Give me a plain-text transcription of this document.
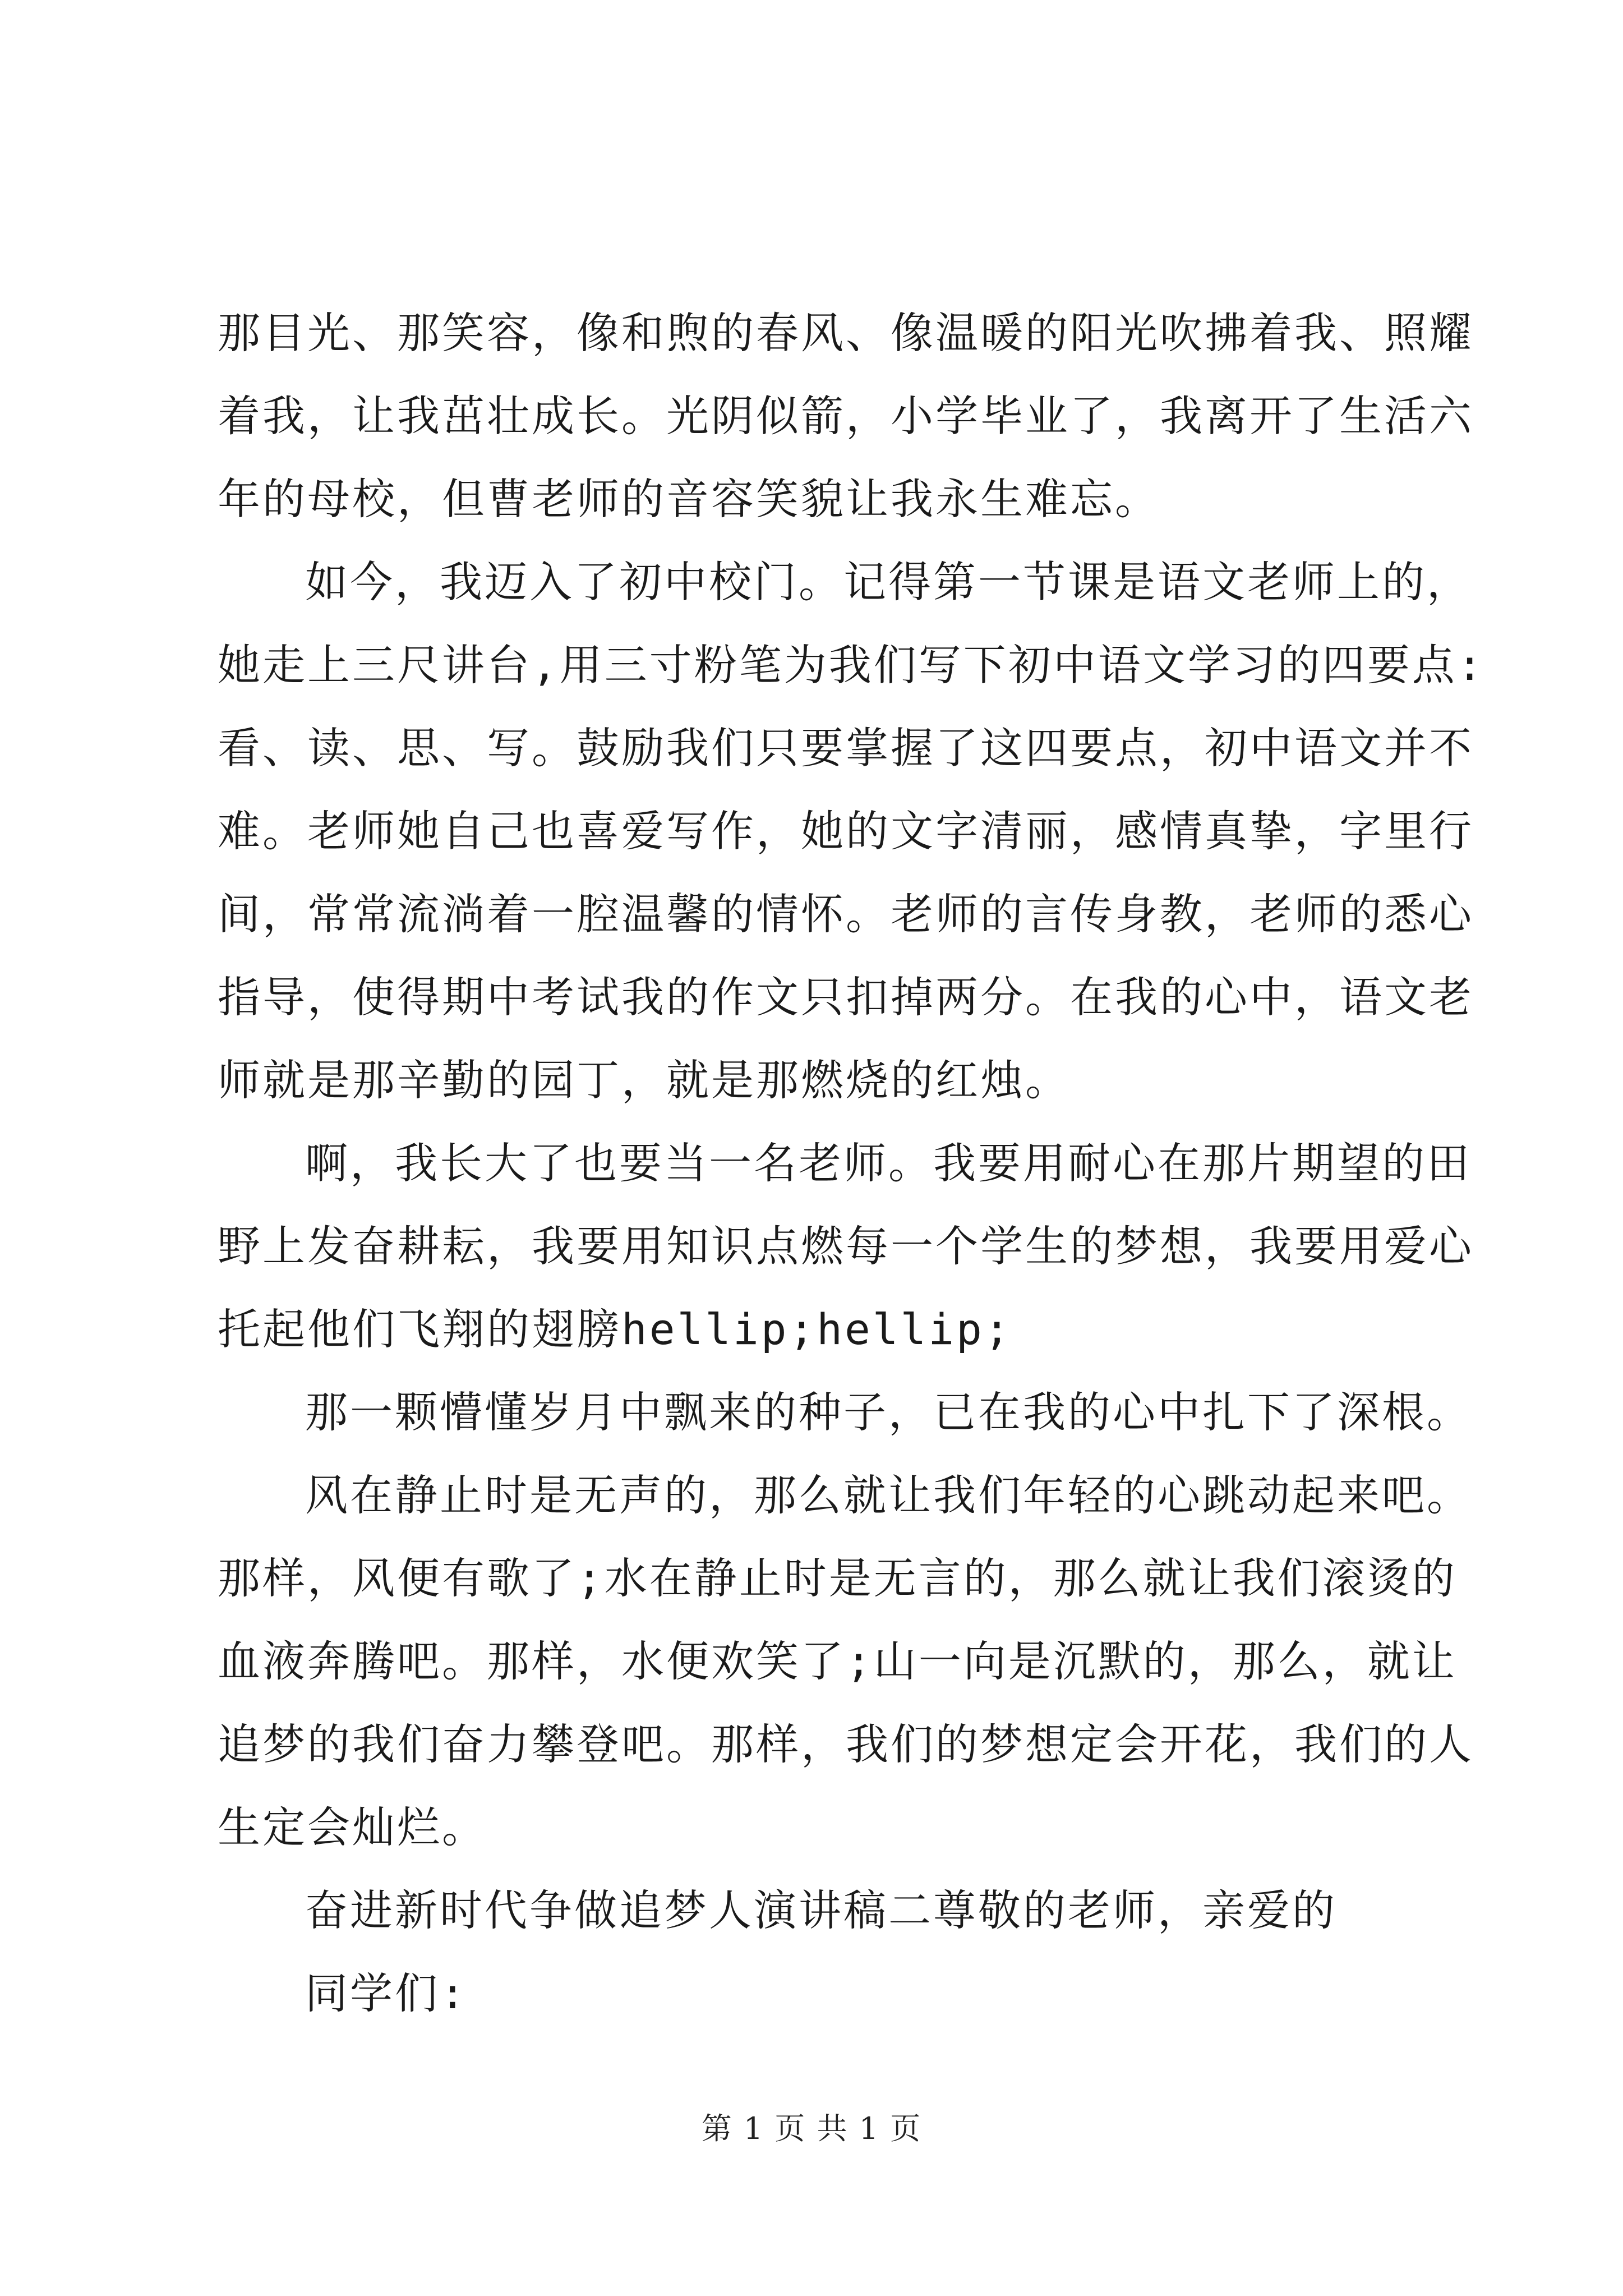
那目光、那笑容，像和煦的春风、像温暖的阳光吹拂着我、照耀
着我，让我茁壮成长。光阴似箭，小学毕业了，我离开了生活六
年的母校，但曹老师的音容笑貌让我永生难忘。
如今，我迈入了初中校门。记得第一节课是语文老师上的，
她走上三尺讲台,用三寸粉笔为我们写下初中语文学习的四要点:
看、读、思、写。鼓励我们只要掌握了这四要点，初中语文并不
难。老师她自己也喜爱写作，她的文字清丽，感情真挚，字里行
间，常常流淌着一腔温馨的情怀。老师的言传身教，老师的悉心
指导，使得期中考试我的作文只扣掉两分。在我的心中，语文老
师就是那辛勤的园丁，就是那燃烧的红烛。
啊，我长大了也要当一名老师。我要用耐心在那片期望的田
野上发奋耕耘，我要用知识点燃每一个学生的梦想，我要用爱心
托起他们飞翔的翅膀hellip;hellip;
那一颗懵懂岁月中飘来的种子，已在我的心中扎下了深根。
风在静止时是无声的，那么就让我们年轻的心跳动起来吧。
那样，风便有歌了;水在静止时是无言的，那么就让我们滚烫的
血液奔腾吧。那样，水便欢笑了;山一向是沉默的，那么，就让
追梦的我们奋力攀登吧。那样，我们的梦想定会开花，我们的人
生定会灿烂。
奋进新时代争做追梦人演讲稿二尊敬的老师，亲爱的
同学们:
第 1 页 共 1 页
